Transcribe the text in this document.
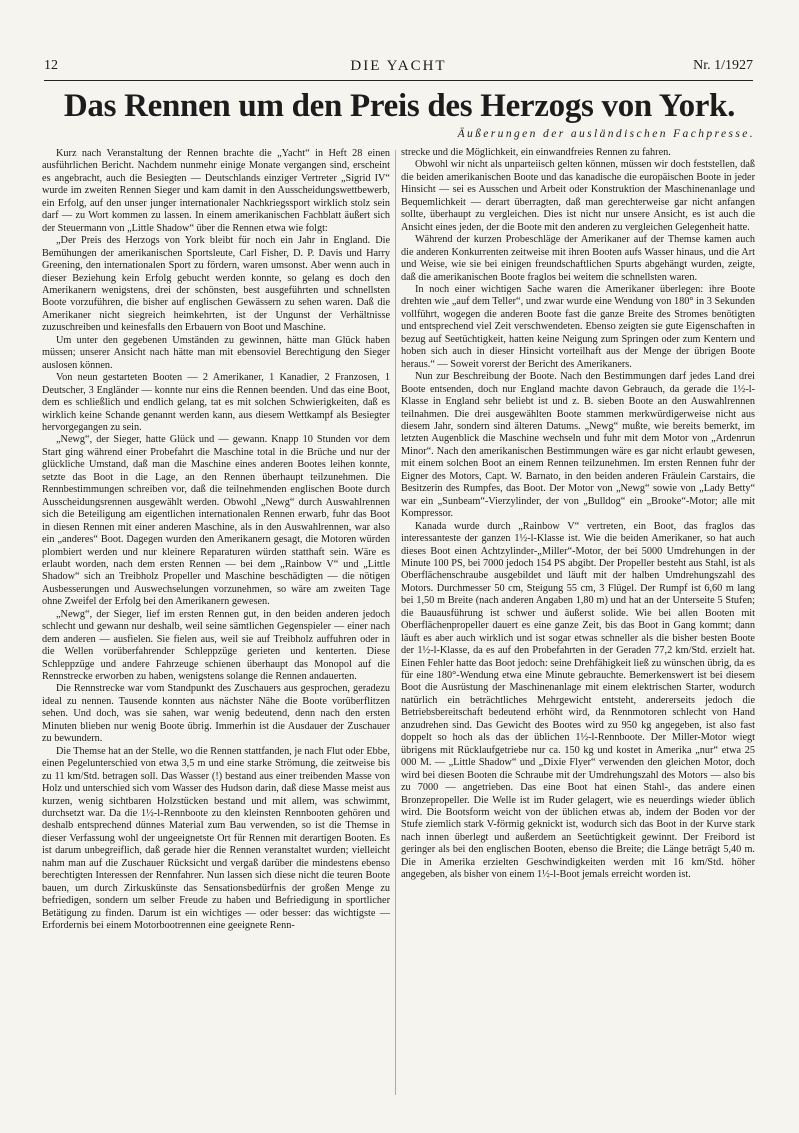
12	DIE YACHT	Nr. 1/1927
Das Rennen um den Preis des Herzogs von York.
Äußerungen der ausländischen Fachpresse.

Kurz nach Veranstaltung der Rennen brachte die „Yacht“ in Heft 28 einen ausführlichen Bericht. Nachdem nunmehr einige Monate vergangen sind, erscheint es angebracht, auch die Besiegten — Deutschlands einziger Vertreter „Sigrid IV“ wurde im zweiten Rennen Sieger und kam damit in den Ausscheidungswettbewerb, ein Erfolg, auf den unser junger internationaler Nachkriegssport wirklich stolz sein darf — zu Wort kommen zu lassen. In einem amerikanischen Fachblatt äußert sich der Steuermann von „Little Shadow“ über die Rennen etwa wie folgt:

„Der Preis des Herzogs von York bleibt für noch ein Jahr in England. Die Bemühungen der amerikanischen Sportsleute, Carl Fisher, D. P. Davis und Harry Greening, den internationalen Sport zu fördern, waren umsonst. Aber wenn auch in dieser Beziehung kein Erfolg gebucht werden konnte, so gelang es doch den Amerikanern wenigstens, drei der schönsten, best ausgeführten und schnellsten Boote vorzuführen, die bisher auf englischen Gewässern zu sehen waren. Daß die Amerikaner nicht siegreich heimkehrten, ist der Ungunst der Verhältnisse zuzuschreiben und keinesfalls den Erbauern von Boot und Maschine.

Um unter den gegebenen Umständen zu gewinnen, hätte man Glück haben müssen; unserer Ansicht nach hätte man mit ebensoviel Berechtigung den Sieger auslosen können.

Von neun gestarteten Booten — 2 Amerikaner, 1 Kanadier, 2 Franzosen, 1 Deutscher, 3 Engländer — konnte nur eins die Rennen beenden. Und das eine Boot, dem es schließlich und endlich gelang, tat es mit solchen Schwierigkeiten, daß es wirklich keine Schande genannt werden kann, aus diesem Wettkampf als Besiegter hervorgegangen zu sein.

„Newg“, der Sieger, hatte Glück und — gewann. Knapp 10 Stunden vor dem Start ging während einer Probefahrt die Maschine total in die Brüche und nur der glückliche Umstand, daß man die Maschine eines anderen Bootes leihen konnte, setzte das Boot in die Lage, an den Rennen überhaupt teilzunehmen. Die Rennbestimmungen schreiben vor, daß die teilnehmenden englischen Boote durch Ausscheidungsrennen ausgewählt werden. Obwohl „Newg“ durch Auswahlrennen sich die Beteiligung am eigentlichen internationalen Rennen erwarb, fuhr das Boot in diesen Rennen mit einer anderen Maschine, als in den Auswahlrennen, war also ein „anderes“ Boot. Dagegen wurden den Amerikanern gesagt, die Motoren würden plombiert werden und nur kleinere Reparaturen würden statthaft sein. Wäre es erlaubt worden, nach dem ersten Rennen — bei dem „Rainbow V“ und „Little Shadow“ sich an Treibholz Propeller und Maschine beschädigten — die nötigen Ausbesserungen und Auswechselungen vorzunehmen, so wäre am zweiten Tage ohne Zweifel der Erfolg bei den Amerikanern gewesen.

„Newg“, der Sieger, lief im ersten Rennen gut, in den beiden anderen jedoch schlecht und gewann nur deshalb, weil seine sämtlichen Gegenspieler — einer nach dem anderen — ausfielen. Sie fielen aus, weil sie auf Treibholz auffuhren oder in die Wellen vorüberfahrender Schleppzüge gerieten und kenterten. Diese Schleppzüge und andere Fahrzeuge schienen überhaupt das Monopol auf die Rennstrecke erworben zu haben, wenigstens solange die Rennen andauerten.

Die Rennstrecke war vom Standpunkt des Zuschauers aus gesprochen, geradezu ideal zu nennen. Tausende konnten aus nächster Nähe die Boote vorüberflitzen sehen. Und doch, was sie sahen, war wenig bedeutend, denn nach den ersten Minuten blieben nur wenig Boote übrig. Immerhin ist die Ausdauer der Zuschauer zu bewundern.

Die Themse hat an der Stelle, wo die Rennen stattfanden, je nach Flut oder Ebbe, einen Pegelunterschied von etwa 3,5 m und eine starke Strömung, die zeitweise bis zu 11 km/Std. betragen soll. Das Wasser (!) bestand aus einer treibenden Masse von Holz und unterschied sich vom Wasser des Hudson darin, daß diese Masse meist aus kurzen, wenig sichtbaren Holzstücken bestand und mit allem, was schwimmt, durchsetzt war. Da die 1½-l-Rennboote zu den kleinsten Rennbooten gehören und deshalb entsprechend dünnes Material zum Bau verwenden, so ist die Themse in dieser Verfassung wohl der ungeeignetste Ort für Rennen mit derartigen Booten. Es ist darum unbegreiflich, daß gerade hier die Rennen veranstaltet wurden; vielleicht nahm man auf die Zuschauer Rücksicht und vergaß darüber die mindestens ebenso berechtigten Interessen der Rennfahrer. Nun lassen sich diese nicht die teuren Boote bauen, um durch Zirkuskünste das Sensationsbedürfnis der großen Menge zu befriedigen, sondern um selber Freude zu haben und Befriedigung in sportlicher Betätigung zu finden. Darum ist ein wichtiges — oder besser: das wichtigste — Erfordernis bei einem Motorbootrennen eine geeignete Renn-

strecke und die Möglichkeit, ein einwandfreies Rennen zu fahren.

Obwohl wir nicht als unparteiisch gelten können, müssen wir doch feststellen, daß die beiden amerikanischen Boote und das kanadische die europäischen Boote in jeder Hinsicht — sei es Ausschen und Arbeit oder Konstruktion der Maschinenanlage und Bequemlichkeit — derart überragten, daß man gerechterweise gar nicht anfangen sollte, überhaupt zu vergleichen. Dies ist nicht nur unsere Ansicht, es ist auch die Ansicht eines jeden, der die Boote mit den anderen zu vergleichen Gelegenheit hatte.

Während der kurzen Probeschläge der Amerikaner auf der Themse kamen auch die anderen Konkurrenten zeitweise mit ihren Booten aufs Wasser hinaus, und die Art und Weise, wie sie bei einigen freundschaftlichen Spurts abgehängt wurden, zeigte, daß die amerikanischen Boote fraglos bei weitem die schnellsten waren.

In noch einer wichtigen Sache waren die Amerikaner überlegen: ihre Boote drehten wie „auf dem Teller“, und zwar wurde eine Wendung von 180° in 3 Sekunden vollführt, wogegen die anderen Boote fast die ganze Breite des Stromes benötigten und entsprechend viel Zeit verschwendeten. Ebenso zeigten sie gute Eigenschaften in bezug auf Seetüchtigkeit, hatten keine Neigung zum Springen oder zum Kentern und hoben sich auch in dieser Hinsicht vorteilhaft aus der Menge der übrigen Boote heraus.“ — Soweit vorerst der Bericht des Amerikaners.

Nun zur Beschreibung der Boote. Nach den Bestimmungen darf jedes Land drei Boote entsenden, doch nur England machte davon Gebrauch, da gerade die 1½-l-Klasse in England sehr beliebt ist und z. B. sieben Boote an den Auswahlrennen teilnahmen. Die drei ausgewählten Boote stammen merkwürdigerweise nicht aus diesem Jahr, sondern sind älteren Datums. „Newg“ mußte, wie bereits bemerkt, im letzten Augenblick die Maschine wechseln und fuhr mit dem Motor von „Ardenrun Minor“. Nach den amerikanischen Bestimmungen wäre es gar nicht erlaubt gewesen, mit einem solchen Boot an einem Rennen teilzunehmen. Im ersten Rennen fuhr der Eigner des Motors, Capt. W. Barnato, in den beiden anderen Fräulein Carstairs, die Besitzerin des Rumpfes, das Boot. Der Motor von „Newg“ sowie von „Lady Betty“ war ein „Sunbeam“-Vierzylinder, der von „Bulldog“ ein „Brooke“-Motor; alle mit Kompressor.

Kanada wurde durch „Rainbow V“ vertreten, ein Boot, das fraglos das interessanteste der ganzen 1½-l-Klasse ist. Wie die beiden Amerikaner, so hat auch dieses Boot einen Achtzylinder-„Miller“-Motor, der bei 5000 Umdrehungen in der Minute 100 PS, bei 7000 jedoch 154 PS abgibt. Der Propeller besteht aus Stahl, ist als Oberflächenschraube ausgebildet und läuft mit der halben Umdrehungszahl des Motors. Durchmesser 50 cm, Steigung 55 cm, 3 Flügel. Der Rumpf ist 6,60 m lang bei 1,50 m Breite (nach anderen Angaben 1,80 m) und hat an der Unterseite 5 Stufen; die Bauausführung ist schwer und äußerst solide. Wie bei allen Booten mit Oberflächenpropeller dauert es eine ganze Zeit, bis das Boot in Gang kommt; dann läuft es aber auch wirklich und ist sogar etwas schneller als die bisher besten Boote der 1½-l-Klasse, da es auf den Probefahrten in der Geraden 77,2 km/Std. erzielt hat. Einen Fehler hatte das Boot jedoch: seine Drehfähigkeit ließ zu wünschen übrig, da es für eine 180°-Wendung etwa eine Minute gebrauchte. Bemerkenswert ist bei diesem Boot die Ausrüstung der Maschinenanlage mit einem elektrischen Starter, wodurch natürlich ein beträchtliches Mehrgewicht entsteht, andererseits jedoch die Betriebsbereitschaft bedeutend erhöht wird, da Rennmotoren schlecht von Hand anzudrehen sind. Das Gewicht des Bootes wird zu 950 kg angegeben, ist also fast doppelt so hoch als das der üblichen 1½-l-Rennboote. Der Miller-Motor wiegt übrigens mit Rücklaufgetriebe nur ca. 150 kg und kostet in Amerika „nur“ etwa 25 000 M. — „Little Shadow“ und „Dixie Flyer“ verwenden den gleichen Motor, doch wird bei diesen Booten die Schraube mit der Umdrehungszahl des Motors — also bis zu 7000 — angetrieben. Das eine Boot hat einen Stahl-, das andere einen Bronzepropeller. Die Welle ist im Ruder gelagert, wie es neuerdings wieder üblich wird. Die Bootsform weicht von der üblichen etwas ab, indem der Boden vor der Stufe ziemlich stark V-förmig geknickt ist, wodurch sich das Boot in der Kurve stark nach innen überlegt und außerdem an Seetüchtigkeit gewinnt. Der Freibord ist geringer als bei den englischen Booten, ebenso die Breite; die Länge beträgt 5,40 m. Die in Amerika erzielten Geschwindigkeiten werden mit 16 km/Std. höher angegeben, als bisher von einem 1½-l-Boot jemals erreicht worden ist.
